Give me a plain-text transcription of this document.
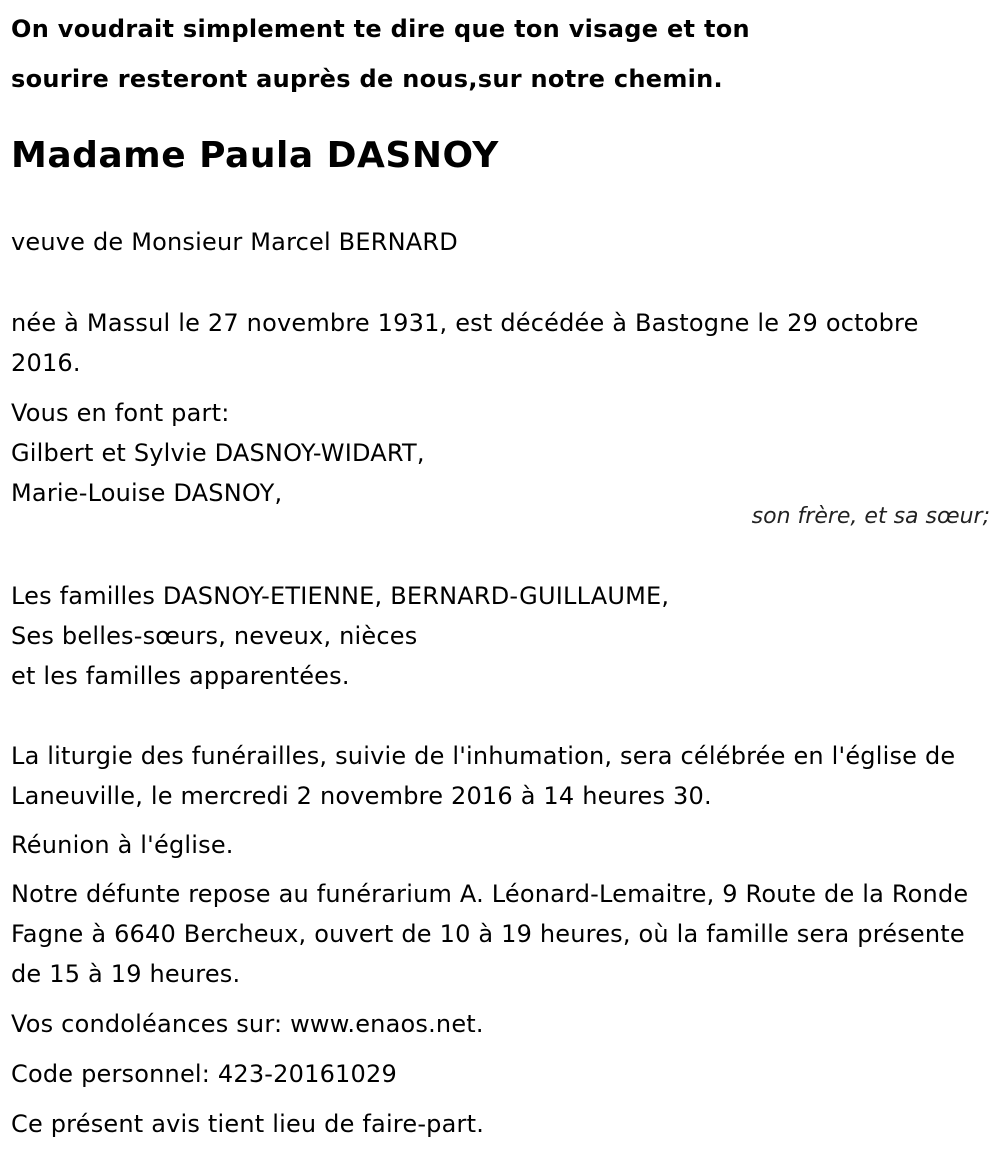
On voudrait simplement te dire que ton visage et ton
sourire resteront auprès de nous,sur notre chemin.
Madame Paula DASNOY
veuve de Monsieur Marcel BERNARD
née à Massul le 27 novembre 1931, est décédée à Bastogne le 29 octobre 2016.
Vous en font part:
Gilbert et Sylvie DASNOY-WIDART,
Marie-Louise DASNOY,
son frère, et sa sœur;
Les familles DASNOY-ETIENNE, BERNARD-GUILLAUME,
Ses belles-sœurs, neveux, nièces
et les familles apparentées.
La liturgie des funérailles, suivie de l'inhumation, sera célébrée en l'église de Laneuville, le mercredi 2 novembre 2016 à 14 heures 30.
Réunion à l'église.
Notre défunte repose au funérarium A. Léonard-Lemaitre, 9 Route de la Ronde Fagne à 6640 Bercheux, ouvert de 10 à 19 heures, où la famille sera présente de 15 à 19 heures.
Vos condoléances sur: www.enaos.net.
Code personnel: 423-20161029
Ce présent avis tient lieu de faire-part.
